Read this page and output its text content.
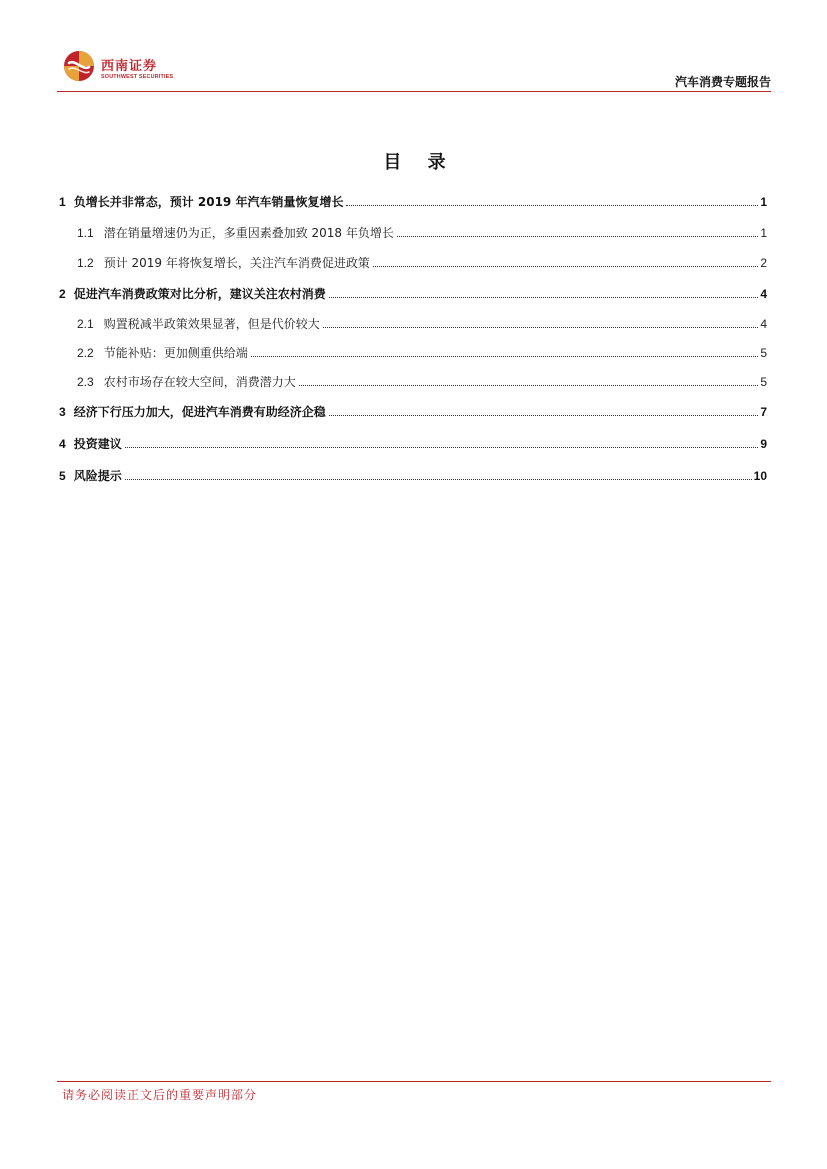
西南证券
SOUTHWEST SECURITIES	汽车消费专题报告
目 录
1 负增长并非常态，预计 2019 年汽车销量恢复增长	1
1.1 潜在销量增速仍为正，多重因素叠加致 2018 年负增长	1
1.2 预计 2019 年将恢复增长，关注汽车消费促进政策	2
2 促进汽车消费政策对比分析，建议关注农村消费	4
2.1 购置税减半政策效果显著，但是代价较大	4
2.2 节能补贴：更加侧重供给端	5
2.3 农村市场存在较大空间，消费潜力大	5
3 经济下行压力加大，促进汽车消费有助经济企稳	7
4 投资建议	9
5 风险提示	10
请务必阅读正文后的重要声明部分
